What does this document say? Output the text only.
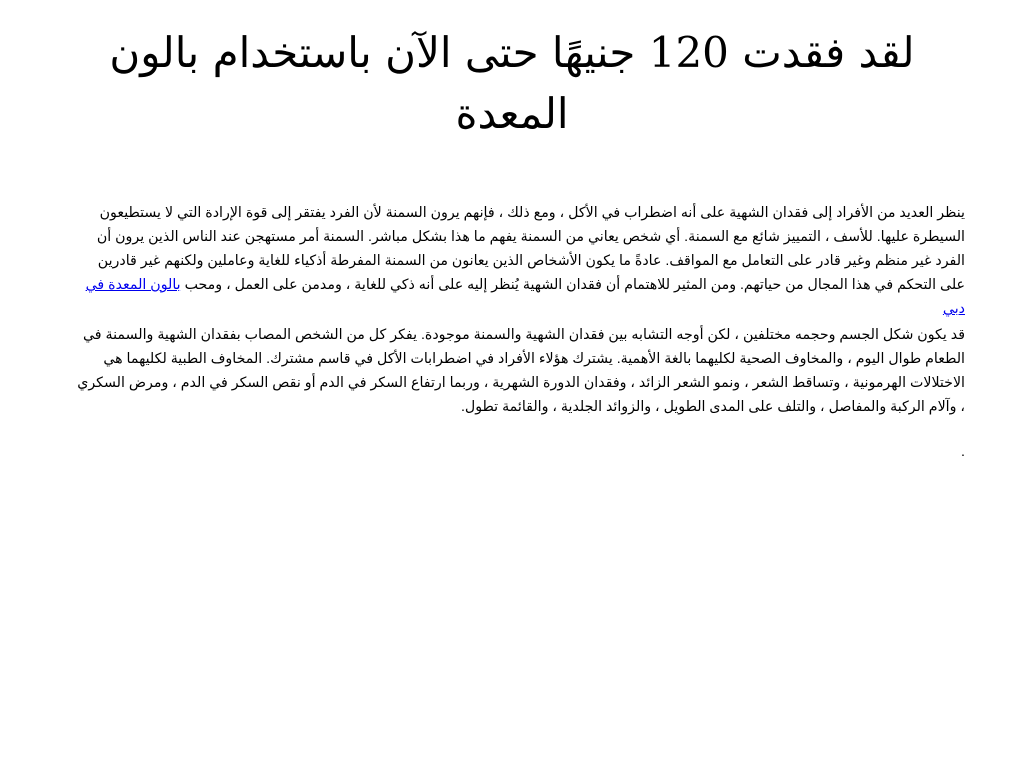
لقد فقدت 120 جنيهًا حتى الآن باستخدام بالون المعدة

ينظر العديد من الأفراد إلى فقدان الشهية على أنه اضطراب في الأكل ، ومع ذلك ، فإنهم يرون السمنة لأن الفرد يفتقر إلى قوة الإرادة التي لا يستطيعون السيطرة عليها. للأسف ، التمييز شائع مع السمنة. أي شخص يعاني من السمنة يفهم ما هذا بشكل مباشر. السمنة أمر مستهجن عند الناس الذين يرون أن الفرد غير منظم وغير قادر على التعامل مع المواقف. عادةً ما يكون الأشخاص الذين يعانون من السمنة المفرطة أذكياء للغاية وعاملين ولكنهم غير قادرين على التحكم في هذا المجال من حياتهم. ومن المثير للاهتمام أن فقدان الشهية يُنظر إليه على أنه ذكي للغاية ، ومدمن على العمل ، ومحب بالون المعدة في دبي

قد يكون شكل الجسم وحجمه مختلفين ، لكن أوجه التشابه بين فقدان الشهية والسمنة موجودة. يفكر كل من الشخص المصاب بفقدان الشهية والسمنة في الطعام طوال اليوم ، والمخاوف الصحية لكليهما بالغة الأهمية. يشترك هؤلاء الأفراد في اضطرابات الأكل في قاسم مشترك. المخاوف الطبية لكليهما هي الاختلالات الهرمونية ، وتساقط الشعر ، ونمو الشعر الزائد ، وفقدان الدورة الشهرية ، وربما ارتفاع السكر في الدم أو نقص السكر في الدم ، ومرض السكري ، وآلام الركبة والمفاصل ، والتلف على المدى الطويل ، والزوائد الجلدية ، والقائمة تطول.

.
